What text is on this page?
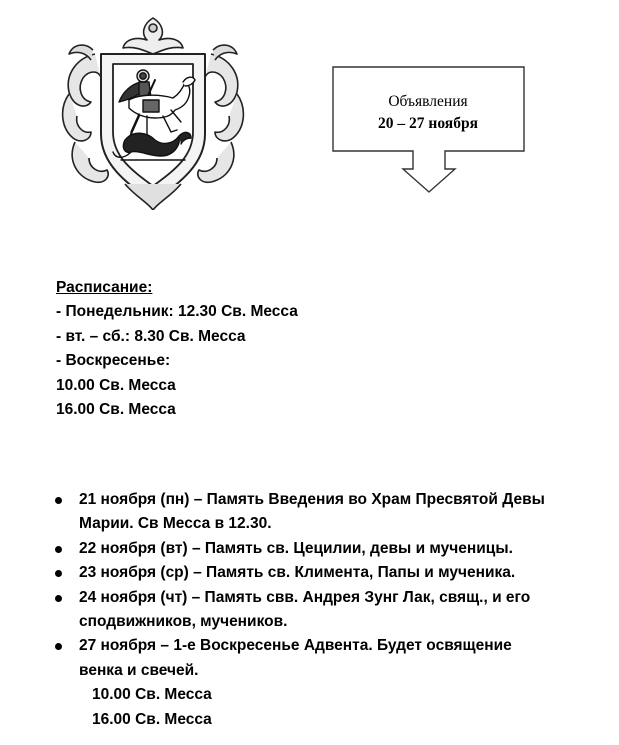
Объявления
20 – 27 ноября
Расписание:
- Понедельник: 12.30 Св. Месса
- вт. – сб.: 8.30 Св. Месса
- Воскресенье:
10.00 Св. Месса
16.00 Св. Месса
21 ноября (пн) – Память Введения во Храм Пресвятой Девы
Марии. Св Месса в 12.30.
22 ноября (вт) – Память св. Цецилии, девы и мученицы.
23 ноября (ср) – Память св. Климента, Папы и мученика.
24 ноября (чт) – Память свв. Андрея Зунг Лак, свящ., и его
сподвижников, мучеников.
27 ноября – 1-е Воскресенье Адвента. Будет освящение
венка и свечей.
10.00 Св. Месса
16.00 Св. Месса
